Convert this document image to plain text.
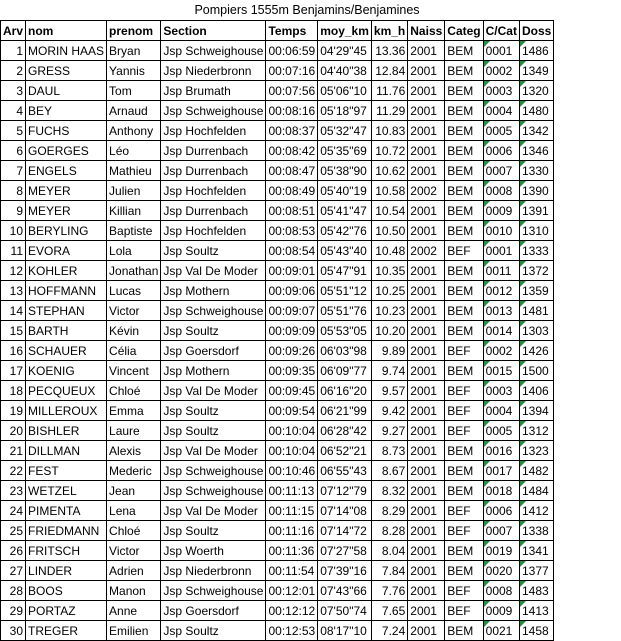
Pompiers 1555m Benjamins/Benjamines
Arv	nom	prenom	Section	Temps	moy_km	km_h	Naiss	Categ	C/Cat	Doss
1	MORIN HAAS	Bryan	Jsp Schweighouse	00:06:59	04'29"45	13.36	2001	BEM	0001	1486
2	GRESS	Yannis	Jsp Niederbronn	00:07:16	04'40"38	12.84	2001	BEM	0002	1349
3	DAUL	Tom	Jsp Brumath	00:07:56	05'06"10	11.76	2001	BEM	0003	1320
4	BEY	Arnaud	Jsp Schweighouse	00:08:16	05'18"97	11.29	2001	BEM	0004	1480
5	FUCHS	Anthony	Jsp Hochfelden	00:08:37	05'32"47	10.83	2001	BEM	0005	1342
6	GOERGES	Léo	Jsp Durrenbach	00:08:42	05'35"69	10.72	2001	BEM	0006	1346
7	ENGELS	Mathieu	Jsp Durrenbach	00:08:47	05'38"90	10.62	2001	BEM	0007	1330
8	MEYER	Julien	Jsp Hochfelden	00:08:49	05'40"19	10.58	2002	BEM	0008	1390
9	MEYER	Killian	Jsp Durrenbach	00:08:51	05'41"47	10.54	2001	BEM	0009	1391
10	BERYLING	Baptiste	Jsp Hochfelden	00:08:53	05'42"76	10.50	2001	BEM	0010	1310
11	EVORA	Lola	Jsp Soultz	00:08:54	05'43"40	10.48	2002	BEF	0001	1333
12	KOHLER	Jonathan	Jsp Val De Moder	00:09:01	05'47"91	10.35	2001	BEM	0011	1372
13	HOFFMANN	Lucas	Jsp Mothern	00:09:06	05'51"12	10.25	2001	BEM	0012	1359
14	STEPHAN	Victor	Jsp Schweighouse	00:09:07	05'51"76	10.23	2001	BEM	0013	1481
15	BARTH	Kévin	Jsp Soultz	00:09:09	05'53"05	10.20	2001	BEM	0014	1303
16	SCHAUER	Célia	Jsp Goersdorf	00:09:26	06'03"98	9.89	2001	BEF	0002	1426
17	KOENIG	Vincent	Jsp Mothern	00:09:35	06'09"77	9.74	2001	BEM	0015	1500
18	PECQUEUX	Chloé	Jsp Val De Moder	00:09:45	06'16"20	9.57	2001	BEF	0003	1406
19	MILLEROUX	Emma	Jsp Soultz	00:09:54	06'21"99	9.42	2001	BEF	0004	1394
20	BISHLER	Laure	Jsp Soultz	00:10:04	06'28"42	9.27	2001	BEF	0005	1312
21	DILLMAN	Alexis	Jsp Val De Moder	00:10:04	06'52"21	8.73	2001	BEM	0016	1323
22	FEST	Mederic	Jsp Schweighouse	00:10:46	06'55"43	8.67	2001	BEM	0017	1482
23	WETZEL	Jean	Jsp Schweighouse	00:11:13	07'12"79	8.32	2001	BEM	0018	1484
24	PIMENTA	Lena	Jsp Val De Moder	00:11:15	07'14"08	8.29	2001	BEF	0006	1412
25	FRIEDMANN	Chloé	Jsp Soultz	00:11:16	07'14"72	8.28	2001	BEF	0007	1338
26	FRITSCH	Victor	Jsp Woerth	00:11:36	07'27"58	8.04	2001	BEM	0019	1341
27	LINDER	Adrien	Jsp Niederbronn	00:11:54	07'39"16	7.84	2001	BEM	0020	1377
28	BOOS	Manon	Jsp Schweighouse	00:12:01	07'43"66	7.76	2001	BEF	0008	1483
29	PORTAZ	Anne	Jsp Goersdorf	00:12:12	07'50"74	7.65	2001	BEF	0009	1413
30	TREGER	Emilien	Jsp Soultz	00:12:53	08'17"10	7.24	2001	BEM	0021	1458
